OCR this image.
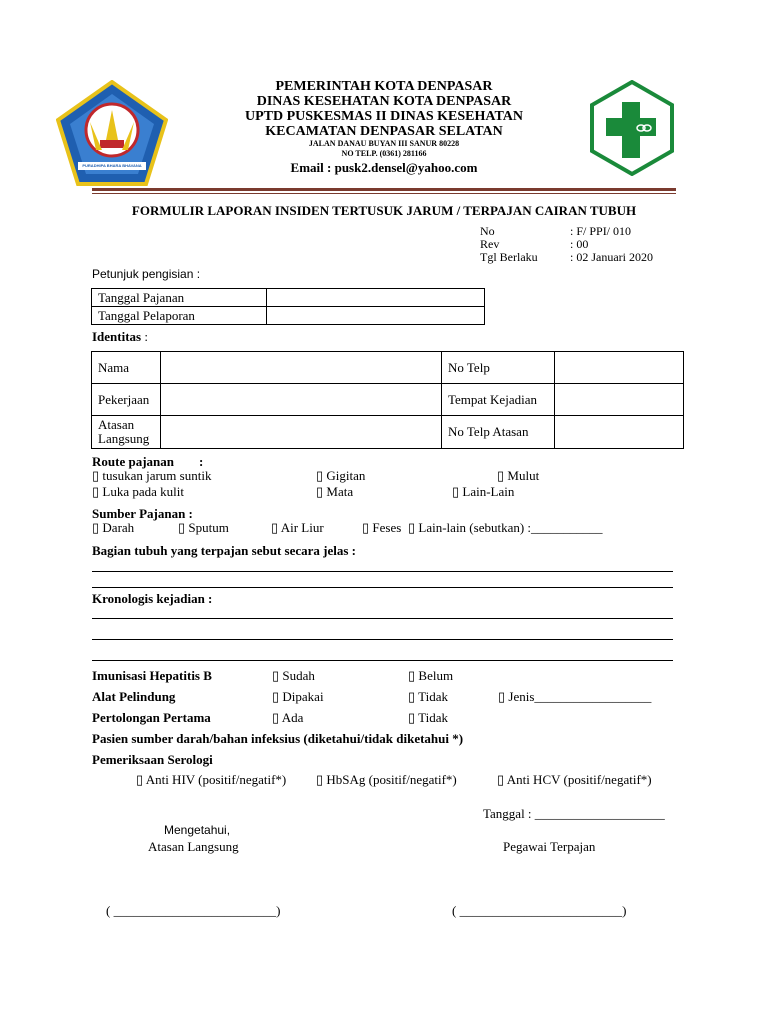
PURADHIPA BHARA BHAVANA
PEMERINTAH KOTA DENPASAR
DINAS KESEHATAN KOTA DENPASAR
UPTD PUSKESMAS II DINAS KESEHATAN
KECAMATAN DENPASAR SELATAN
JALAN DANAU BUYAN III SANUR 80228
NO TELP. (0361) 281166
Email : pusk2.densel@yahoo.com
FORMULIR LAPORAN INSIDEN TERTUSUK JARUM / TERPAJAN CAIRAN TUBUH
No	: F/ PPI/ 010
Rev	: 00
Tgl Berlaku	: 02 Januari 2020
Petunjuk pengisian :
Tanggal Pajanan	
Tanggal Pelaporan	
Identitas :
Nama		No Telp	
Pekerjaan		Tempat Kejadian	

Atasan
Langsung		No Telp Atasan	
Route pajanan :
▯ tusukan jarum suntik	▯ Gigitan	▯ Mulut
▯ Luka pada kulit	▯ Mata	▯ Lain-Lain
Sumber Pajanan :
▯ Darah	▯ Sputum	▯ Air Liur	▯ Feses ▯ Lain-lain (sebutkan) :___________
Bagian tubuh yang terpajan sebut secara jelas :
Kronologis kejadian :
Imunisasi Hepatitis B	▯ Sudah	▯ Belum
Alat Pelindung	▯ Dipakai	▯ Tidak	▯ Jenis__________________
Pertolongan Pertama	▯ Ada	▯ Tidak
Pasien sumber darah/bahan infeksius (diketahui/tidak diketahui *)
Pemeriksaan Serologi
▯ Anti HIV (positif/negatif*) ▯ HbSAg (positif/negatif*)	▯ Anti HCV (positif/negatif*)
Tanggal : ____________________
Mengetahui,
Atasan Langsung	Pegawai Terpajan
( _________________________)	( _________________________)
